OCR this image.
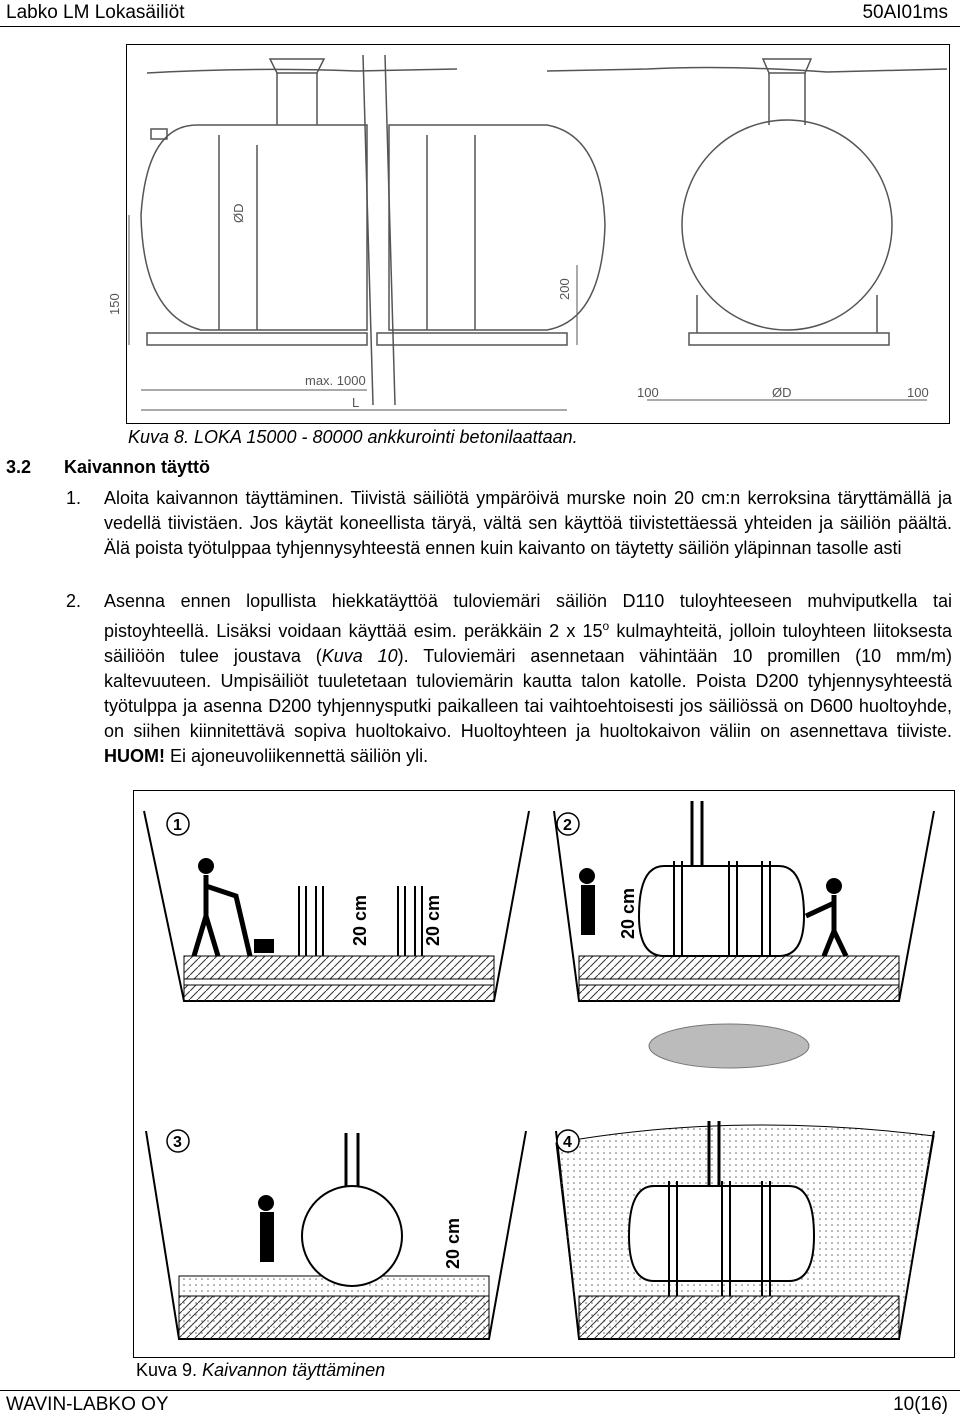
Labko LM Lokasäiliöt	50AI01ms
ØD
150
200
max. 1000
L
100	ØD	100
Kuva 8. LOKA 15000 - 80000 ankkurointi betonilaattaan.
3.2 Kaivannon täyttö
1. Aloita kaivannon täyttäminen. Tiivistä säiliötä ympäröivä murske noin 20 cm:n kerroksina täryttämällä ja vedellä tiivistäen. Jos käytät koneellista täryä, vältä sen käyttöä tiivistettäessä yhteiden ja säiliön päältä. Älä poista työtulppaa tyhjennysyhteestä ennen kuin kaivanto on täytetty säiliön yläpinnan tasolle asti
2. Asenna ennen lopullista hiekkatäyttöä tuloviemäri säiliön D110 tuloyhteeseen muhviputkella tai pistoyhteellä. Lisäksi voidaan käyttää esim. peräkkäin 2 x 15$^o$ kulmayhteitä, jolloin tuloyhteen liitoksesta säiliöön tulee joustava (Kuva 10). Tuloviemäri asennetaan vähintään 10 promillen (10 mm/m) kaltevuuteen. Umpisäiliöt tuuletetaan tuloviemärin kautta talon katolle. Poista D200 tyhjennysyhteestä työtulppa ja asenna D200 tyhjennysputki paikalleen tai vaihtoehtoisesti jos säiliössä on D600 huoltoyhde, on siihen kiinnitettävä sopiva huoltokaivo. Huoltoyhteen ja huoltokaivon väliin on asennettava tiiviste. HUOM! Ei ajoneuvoliikennettä säiliön yli.
1
20 cm	20 cm
2
20 cm
3
20 cm
4
Kuva 9. Kaivannon täyttäminen
WAVIN-LABKO OY	10(16)
